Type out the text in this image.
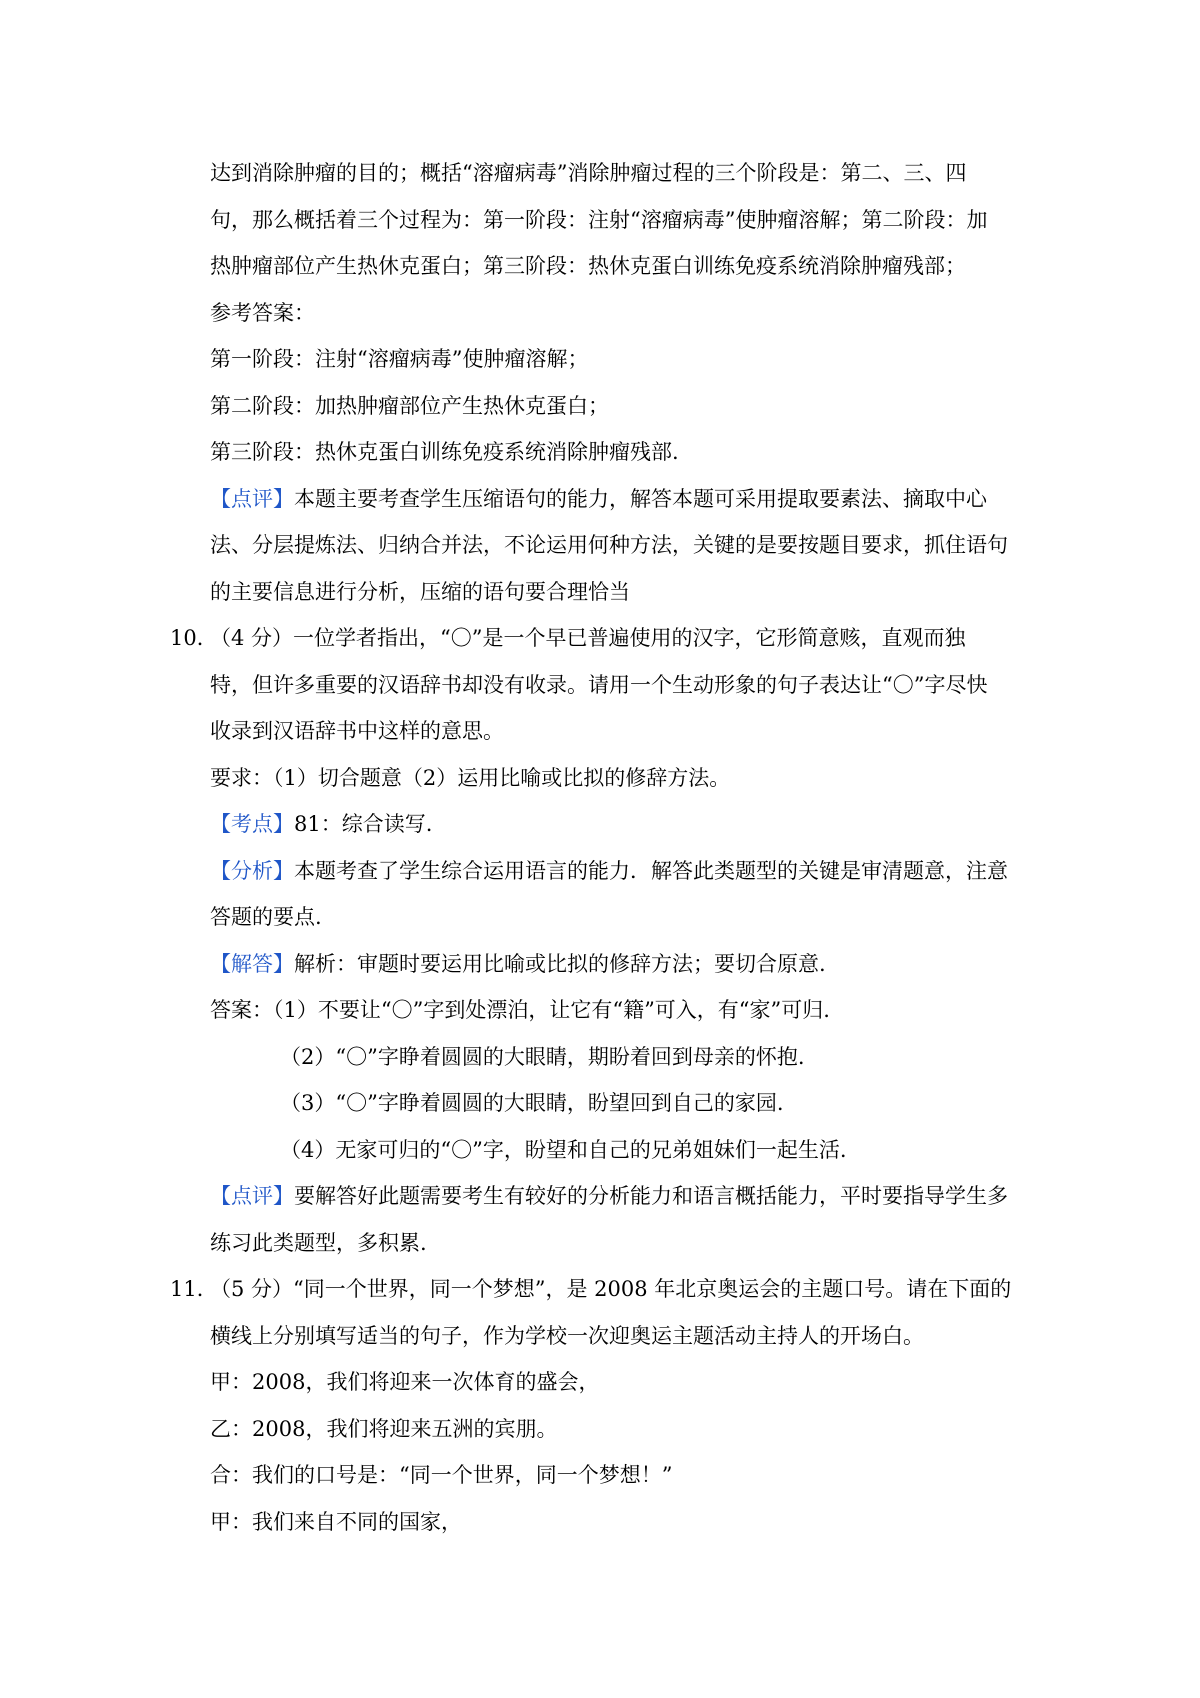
达到消除肿瘤的目的；概括“溶瘤病毒”消除肿瘤过程的三个阶段是：第二、三、四
句，那么概括着三个过程为：第一阶段：注射“溶瘤病毒”使肿瘤溶解；第二阶段：加
热肿瘤部位产生热休克蛋白；第三阶段：热休克蛋白训练免疫系统消除肿瘤残部；
参考答案：
第一阶段：注射“溶瘤病毒”使肿瘤溶解；
第二阶段：加热肿瘤部位产生热休克蛋白；
第三阶段：热休克蛋白训练免疫系统消除肿瘤残部.
【点评】本题主要考查学生压缩语句的能力，解答本题可采用提取要素法、摘取中心
法、分层提炼法、归纳合并法，不论运用何种方法，关键的是要按题目要求，抓住语句
的主要信息进行分析，压缩的语句要合理恰当
10．
（4 分）一位学者指出，“〇”是一个早已普遍使用的汉字，它形简意赅，直观而独
特，但许多重要的汉语辞书却没有收录。请用一个生动形象的句子表达让“〇”字尽快
收录到汉语辞书中这样的意思。
要求：（1）切合题意（2）运用比喻或比拟的修辞方法。
【考点】81：综合读写.
【分析】本题考查了学生综合运用语言的能力．解答此类题型的关键是审清题意，注意
答题的要点.
【解答】解析：审题时要运用比喻或比拟的修辞方法；要切合原意.
答案：（1）不要让“〇”字到处漂泊，让它有“籍”可入，有“家”可归.
（2）“〇”字睁着圆圆的大眼睛，期盼着回到母亲的怀抱.
（3）“〇”字睁着圆圆的大眼睛，盼望回到自己的家园.
（4）无家可归的“〇”字，盼望和自己的兄弟姐妹们一起生活.
【点评】要解答好此题需要考生有较好的分析能力和语言概括能力，平时要指导学生多
练习此类题型，多积累.
11．
（5 分）“同一个世界，同一个梦想”，是 2008 年北京奥运会的主题口号。请在下面的
横线上分别填写适当的句子，作为学校一次迎奥运主题活动主持人的开场白。
甲：2008，我们将迎来一次体育的盛会，
乙：2008，我们将迎来五洲的宾朋。
合：我们的口号是：“同一个世界，同一个梦想！”
甲：我们来自不同的国家，
